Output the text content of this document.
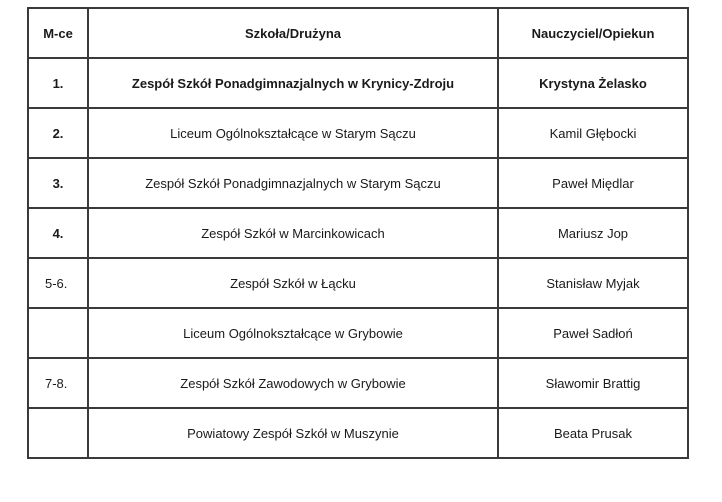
M-ce	Szkoła/Drużyna	Nauczyciel/Opiekun
1.	Zespół Szkół Ponadgimnazjalnych w Krynicy-Zdroju	Krystyna Żelasko
2.	Liceum Ogólnokształcące w Starym Sączu	Kamil Głębocki
3.	Zespół Szkół Ponadgimnazjalnych w Starym Sączu	Paweł Międlar
4.	Zespół Szkół w Marcinkowicach	Mariusz Jop
5-6.	Zespół Szkół w Łącku	Stanisław Myjak
	Liceum Ogólnokształcące w Grybowie	Paweł Sadłoń
7-8.	Zespół Szkół Zawodowych w Grybowie	Sławomir Brattig
	Powiatowy Zespół Szkół w Muszynie	Beata Prusak
